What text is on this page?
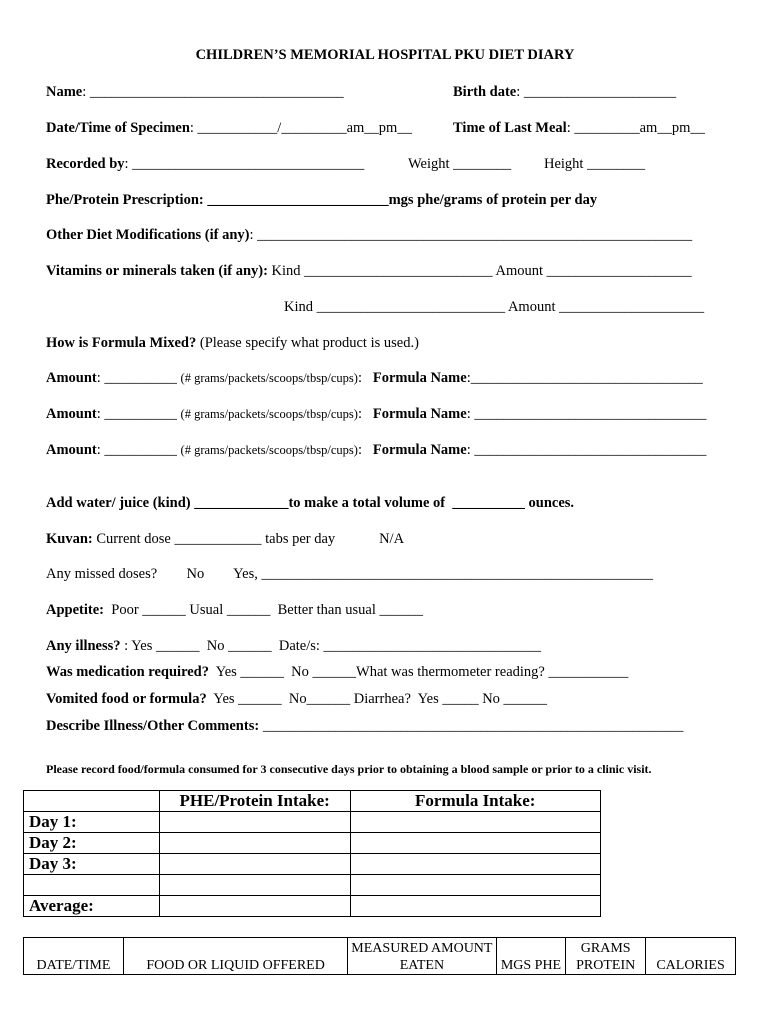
CHILDREN’S MEMORIAL HOSPITAL PKU DIET DIARY
Name: ___________________________________	Birth date: _____________________
Date/Time of Specimen: ___________/_________am__pm__	Time of Last Meal: _________am__pm__
Recorded by: ________________________________	Weight ________ Height ________
Phe/Protein Prescription: _________________________mgs phe/grams of protein per day
Other Diet Modifications (if any): ____________________________________________________________
Vitamins or minerals taken (if any): Kind __________________________ Amount ____________________
Kind __________________________ Amount ____________________
How is Formula Mixed? (Please specify what product is used.)
Amount: __________ (# grams/packets/scoops/tbsp/cups):   Formula Name:________________________________
Amount: __________ (# grams/packets/scoops/tbsp/cups):   Formula Name: ________________________________
Amount: __________ (# grams/packets/scoops/tbsp/cups):   Formula Name: ________________________________
Add water/ juice (kind) _____________to make a total volume of  __________ ounces.
Kuvan: Current dose ____________ tabs per day        ⃞ N/A
Any missed doses?    ⃞ No    ⃞ Yes, ______________________________________________________
Appetite:  Poor ______ Usual ______  Better than usual ______
Any illness? : Yes ______  No ______  Date/s: ______________________________
Was medication required?  Yes ______  No ______What was thermometer reading? ___________
Vomited food or formula?  Yes ______  No______ Diarrhea?  Yes _____ No ______
Describe Illness/Other Comments: __________________________________________________________
Please record food/formula consumed for 3 consecutive days prior to obtaining a blood sample or prior to a clinic visit.
	PHE/Protein Intake:	Formula Intake:
Day 1:		
Day 2:		
Day 3:		

Average:		
DATE/TIME	FOOD OR LIQUID OFFERED	MEASURED AMOUNT EATEN	MGS PHE	GRAMS PROTEIN	CALORIES
